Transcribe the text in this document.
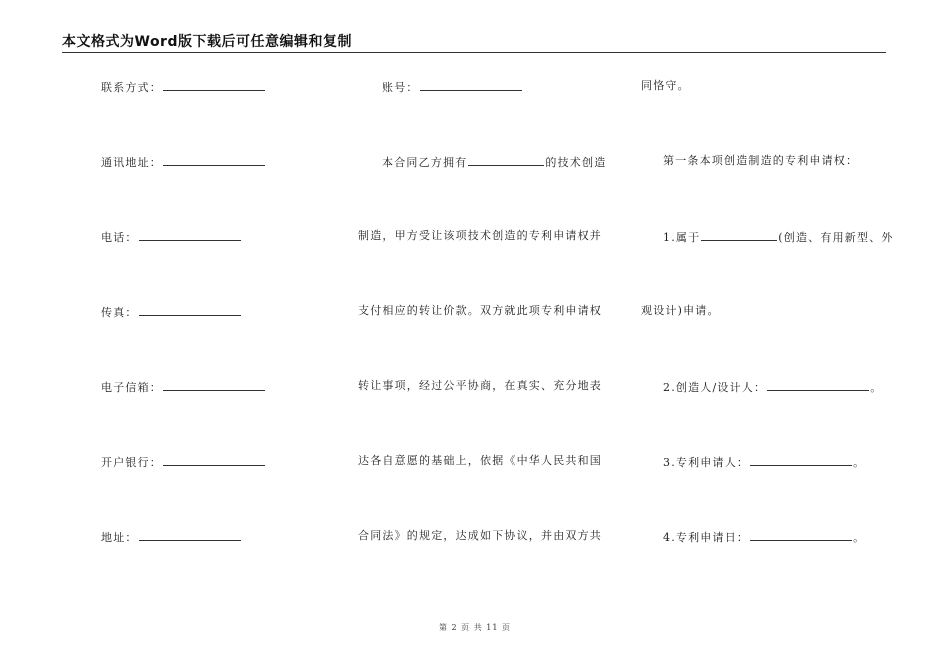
本文格式为Word版下载后可任意编辑和复制
联系方式：
通讯地址：
电话：
传真：
电子信箱：
开户银行：
地址：
账号：
本合同乙方拥有	的技术创造
制造，甲方受让该项技术创造的专利申请权并
支付相应的转让价款。双方就此项专利申请权
转让事项，经过公平协商，在真实、充分地表
达各自意愿的基础上，依据《中华人民共和国
合同法》的规定，达成如下协议，并由双方共
同恪守。
第一条本项创造制造的专利申请权：
1.属于	(创造、有用新型、外
观设计)申请。
2.创造人/设计人：	。
3.专利申请人：	。
4.专利申请日：	。
第 2 页 共 11 页
